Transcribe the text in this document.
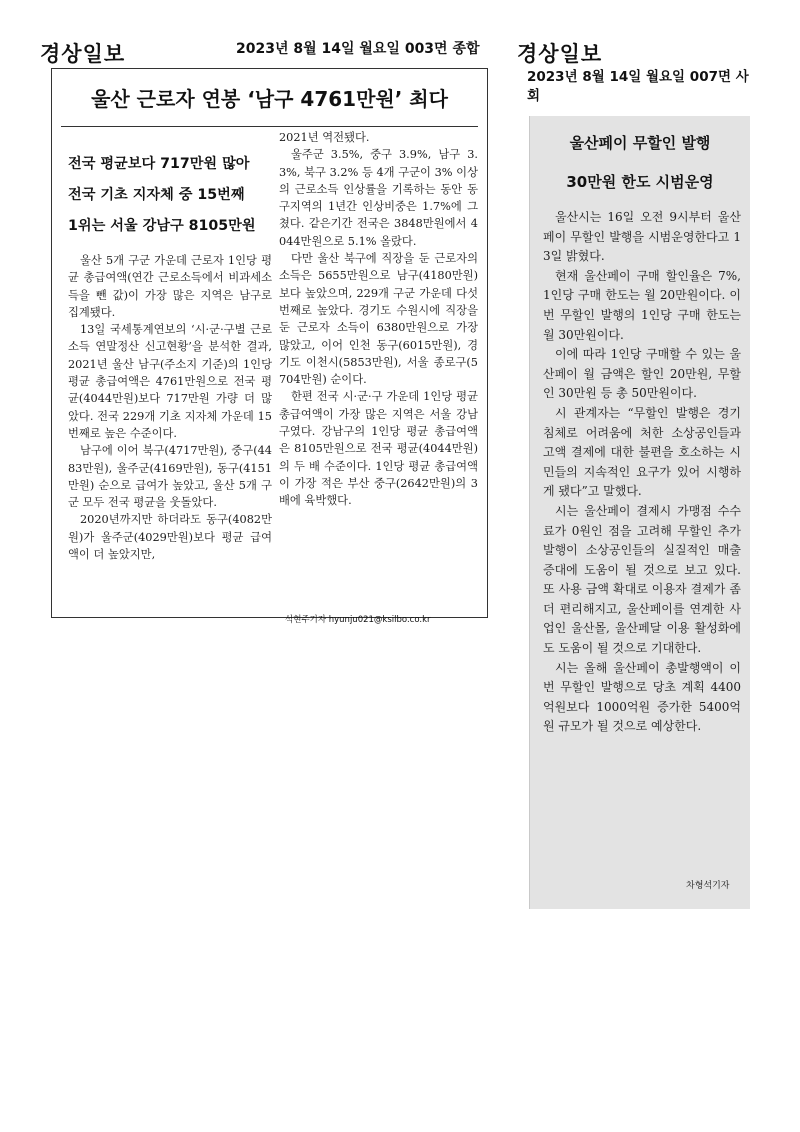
경상일보	2023년 8월 14일 월요일 003면 종합 경상일보
2023년 8월 14일 월요일 007면 사
회
울산 근로자 연봉 ‘남구 4761만원’ 최다
전국 평균보다 717만원 많아
전국 기초 지자체 중 15번째
1위는 서울 강남구 8105만원

울산 5개 구군 가운데 근로자 1인당 평균 총급여액(연간 근로소득에서 비과세소득을 뺀 값)이 가장 많은 지역은 남구로 집계됐다.

13일 국세통계연보의 ‘시·군·구별 근로소득 연말정산 신고현황’을 분석한 결과, 2021년 울산 남구(주소지 기준)의 1인당 평균 총급여액은 4761만원으로 전국 평균(4044만원)보다 717만원 가량 더 많았다. 전국 229개 기초 지자체 가운데 15번째로 높은 수준이다.

남구에 이어 북구(4717만원), 중구(4483만원), 울주군(4169만원), 동구(4151만원) 순으로 급여가 높았고, 울산 5개 구군 모두 전국 평균을 웃돌았다.

2020년까지만 하더라도 동구(4082만원)가 울주군(4029만원)보다 평균 급여액이 더 높았지만,

2021년 역전됐다.

울주군 3.5%, 중구 3.9%, 남구 3.3%, 북구 3.2% 등 4개 구군이 3% 이상의 근로소득 인상률을 기록하는 동안 동구지역의 1년간 인상비중은 1.7%에 그쳤다. 같은기간 전국은 3848만원에서 4044만원으로 5.1% 올랐다.

다만 울산 북구에 직장을 둔 근로자의 소득은 5655만원으로 남구(4180만원)보다 높았으며, 229개 구군 가운데 다섯번째로 높았다. 경기도 수원시에 직장을 둔 근로자 소득이 6380만원으로 가장 많았고, 이어 인천 동구(6015만원), 경기도 이천시(5853만원), 서울 종로구(5704만원) 순이다.

한편 전국 시·군·구 가운데 1인당 평균 총급여액이 가장 많은 지역은 서울 강남구였다. 강남구의 1인당 평균 총급여액은 8105만원으로 전국 평균(4044만원)의 두 배 수준이다. 1인당 평균 총급여액이 가장 적은 부산 중구(2642만원)의 3배에 육박했다.

석현주기자 hyunju021@ksilbo.co.kr
울산페이 무할인 발행
30만원 한도 시범운영

울산시는 16일 오전 9시부터 울산페이 무할인 발행을 시범운영한다고 13일 밝혔다.

현재 울산페이 구매 할인율은 7%, 1인당 구매 한도는 월 20만원이다. 이번 무할인 발행의 1인당 구매 한도는 월 30만원이다.

이에 따라 1인당 구매할 수 있는 울산페이 월 금액은 할인 20만원, 무할인 30만원 등 총 50만원이다.

시 관계자는 “무할인 발행은 경기 침체로 어려움에 처한 소상공인들과 고액 결제에 대한 불편을 호소하는 시민들의 지속적인 요구가 있어 시행하게 됐다”고 말했다.

시는 울산페이 결제시 가맹점 수수료가 0원인 점을 고려해 무할인 추가 발행이 소상공인들의 실질적인 매출 증대에 도움이 될 것으로 보고 있다. 또 사용 금액 확대로 이용자 결제가 좀 더 편리해지고, 울산페이를 연계한 사업인 울산몰, 울산페달 이용 활성화에도 도움이 될 것으로 기대한다.

시는 올해 울산페이 총발행액이 이번 무할인 발행으로 당초 계획 4400억원보다 1000억원 증가한 5400억원 규모가 될 것으로 예상한다.

차형석기자
